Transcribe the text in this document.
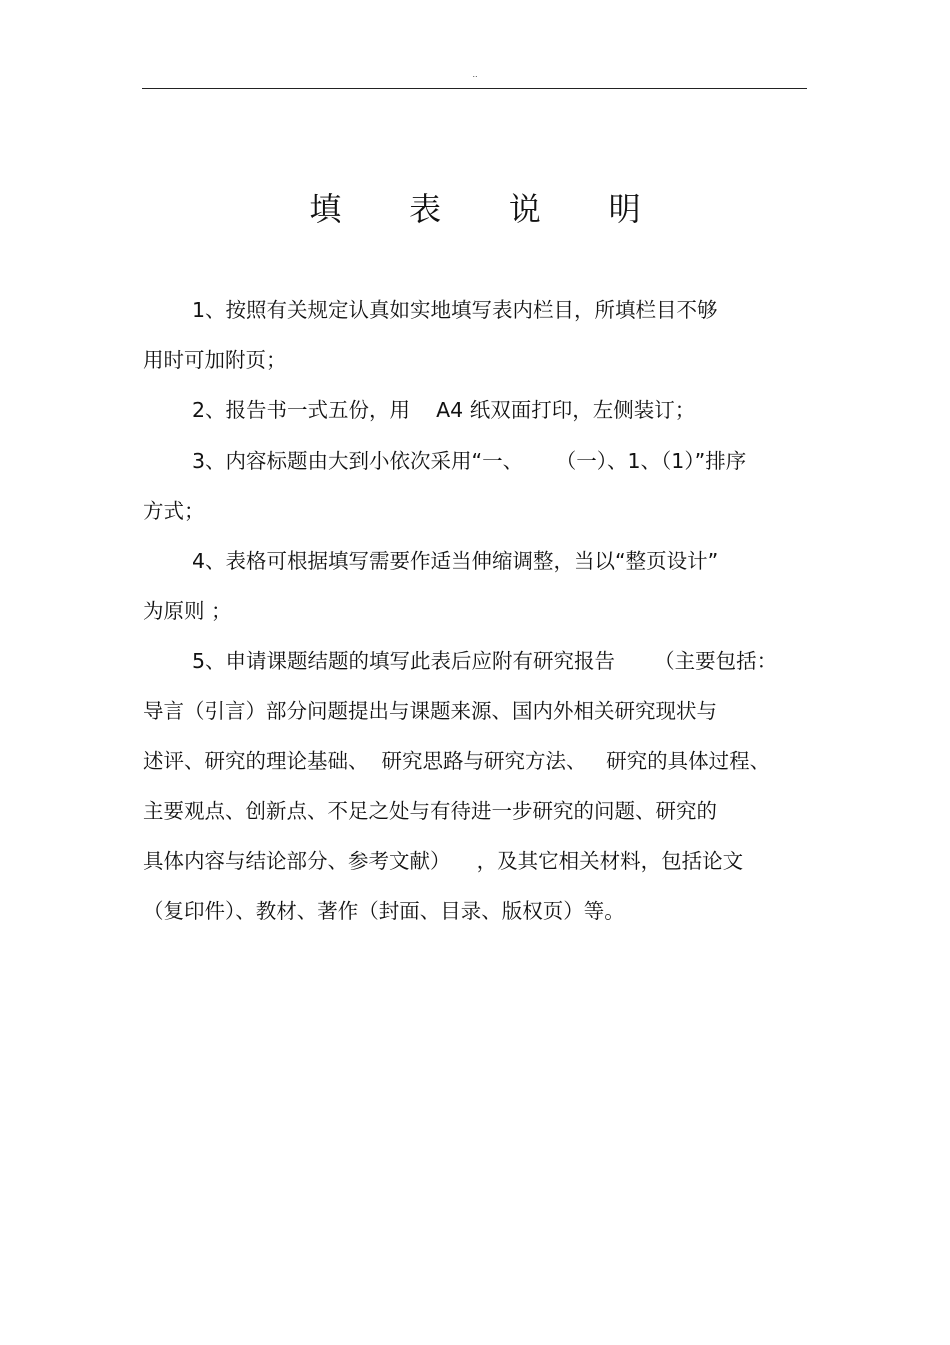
..
填 表 说 明
1、按照有关规定认真如实地填写表内栏目，所填栏目不够
用时可加附页；
2、报告书一式五份，用    A4 纸双面打印，左侧装订；
3、内容标题由大到小依次采用“一、     （一）、1、（1）”排序
方式；
4、表格可根据填写需要作适当伸缩调整，当以“整页设计”
为原则 ；
5、申请课题结题的填写此表后应附有研究报告      （主要包括：
导言（引言）部分问题提出与课题来源、国内外相关研究现状与
述评、研究的理论基础、  研究思路与研究方法、   研究的具体过程、
主要观点、创新点、不足之处与有待进一步研究的问题、研究的
具体内容与结论部分、参考文献）    ，及其它相关材料，包括论文
（复印件）、教材、著作（封面、目录、版权页）等。
